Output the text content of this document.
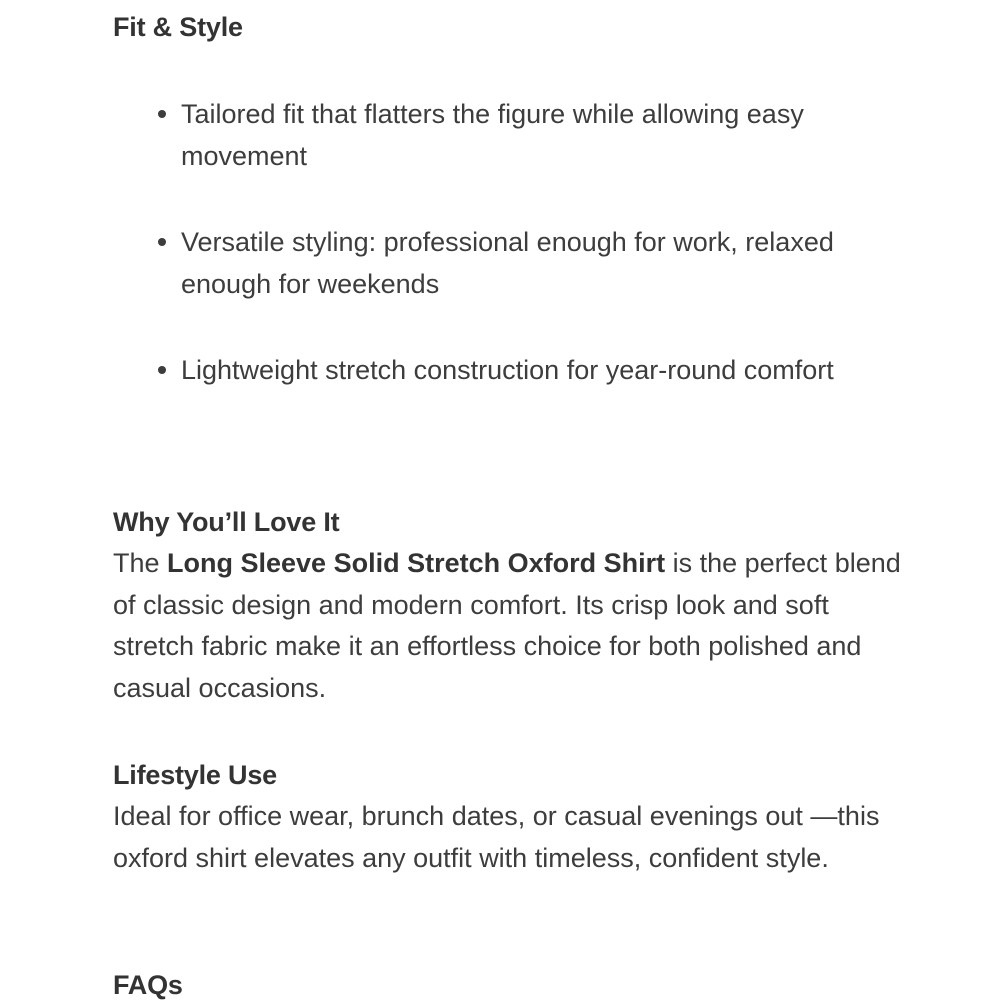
Fit & Style
Tailored fit that flatters the figure while allowing easy movement
Versatile styling: professional enough for work, relaxed enough for weekends
Lightweight stretch construction for year-round comfort
Why You’ll Love It

The Long Sleeve Solid Stretch Oxford Shirt is the perfect blend of classic design and modern comfort. Its crisp look and soft stretch fabric make it an effortless choice for both polished and casual occasions.

Lifestyle Use

Ideal for office wear, brunch dates, or casual evenings out —this oxford shirt elevates any outfit with timeless, confident style.

FAQs
